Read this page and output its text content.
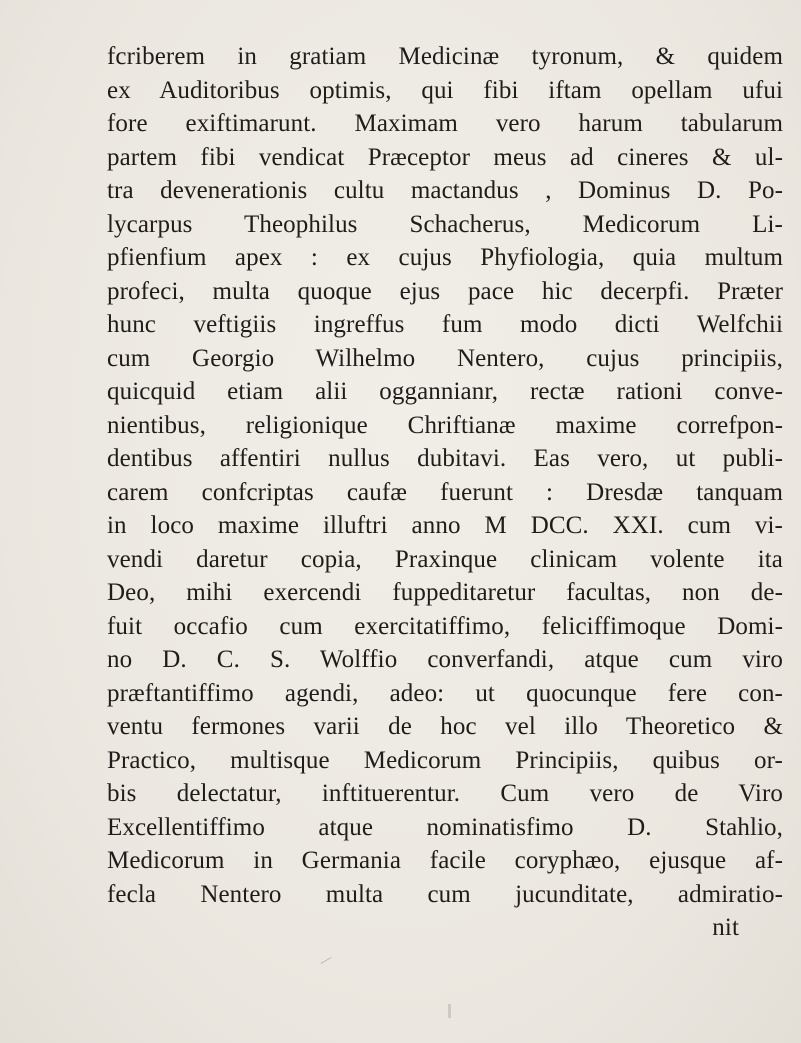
fcriberem in gratiam Medicinæ tyronum, & quidem
ex Auditoribus optimis, qui fibi iftam opellam ufui
fore exiftimarunt. Maximam vero harum tabularum
partem fibi vendicat Præceptor meus ad cineres & ul-
tra devenerationis cultu mactandus , Dominus D. Po-
lycarpus Theophilus Schacherus, Medicorum Li-
pfienfium apex : ex cujus Phyfiologia, quia multum
profeci, multa quoque ejus pace hic decerpfi. Præter
hunc veftigiis ingreffus fum modo dicti Welfchii
cum Georgio Wilhelmo Nentero, cujus principiis,
quicquid etiam alii oggannianr, rectæ rationi conve-
nientibus, religionique Chriftianæ maxime correfpon-
dentibus affentiri nullus dubitavi. Eas vero, ut publi-
carem confcriptas caufæ fuerunt : Dresdæ tanquam
in loco maxime illuftri anno M DCC. XXI. cum vi-
vendi daretur copia, Praxinque clinicam volente ita
Deo, mihi exercendi fuppeditaretur facultas, non de-
fuit occafio cum exercitatiffimo, feliciffimoque Domi-
no D. C. S. Wolffio converfandi, atque cum viro
præftantiffimo agendi, adeo: ut quocunque fere con-
ventu fermones varii de hoc vel illo Theoretico &
Practico, multisque Medicorum Principiis, quibus or-
bis delectatur, inftituerentur. Cum vero de Viro
Excellentiffimo atque nominatisfimo D. Stahlio,
Medicorum in Germania facile coryphæo, ejusque af-
fecla Nentero multa cum jucunditate, admiratio-
nit
